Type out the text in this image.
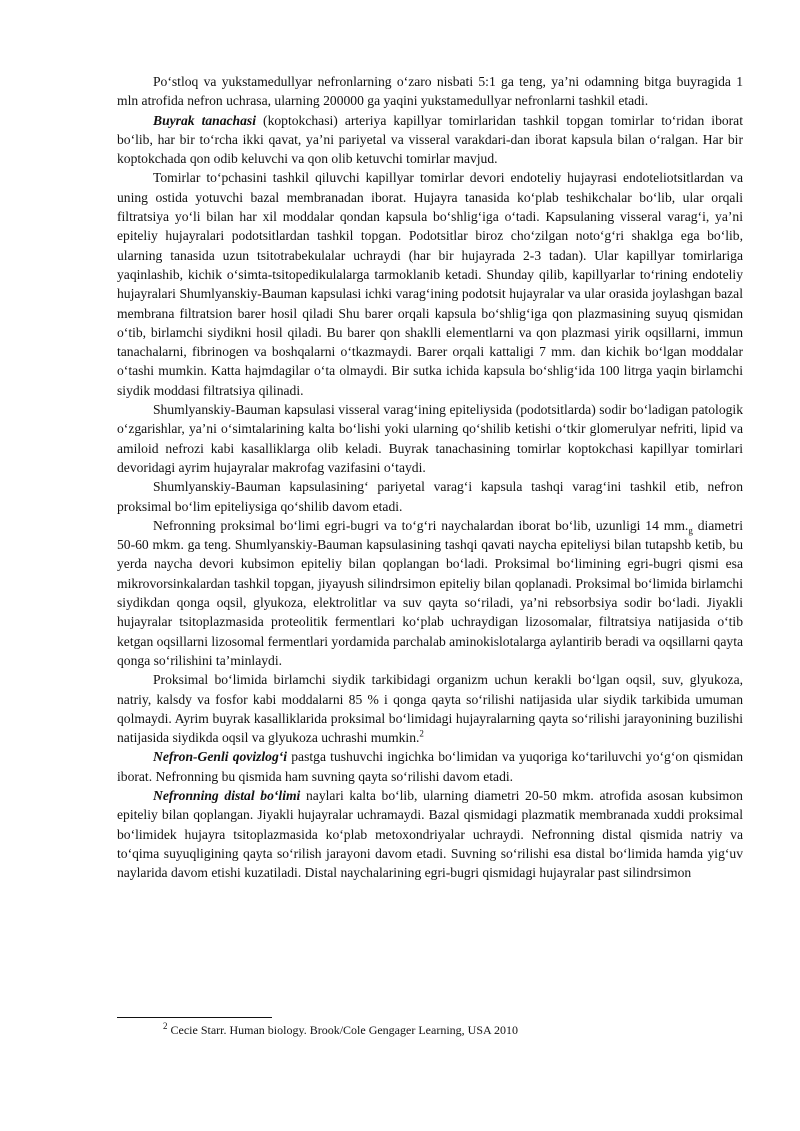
Po‘stloq va yukstamedullyar nefronlarning o‘zaro nisbati 5:1 ga teng, ya’ni odamning bitga buyragida 1 mln atrofida nefron uchrasa, ularning 200000 ga yaqini yukstamedullyar nefronlarni tashkil etadi.

Buyrak tanachasi (koptokchasi) arteriya kapillyar tomirlaridan tashkil topgan tomirlar to‘ridan iborat bo‘lib, har bir to‘rcha ikki qavat, ya’ni pariyetal va visseral varakdari-dan iborat kapsula bilan o‘ralgan. Har bir koptokchada qon odib keluvchi va qon olib ketuvchi tomirlar mavjud.

Tomirlar to‘pchasini tashkil qiluvchi kapillyar tomirlar devori endoteliy hujayrasi endoteliotsitlardan va uning ostida yotuvchi bazal membranadan iborat. Hujayra tanasida ko‘plab teshikchalar bo‘lib, ular orqali filtratsiya yo‘li bilan har xil moddalar qondan kapsula bo‘shlig‘iga o‘tadi. Kapsulaning visseral varag‘i, ya’ni epiteliy hujayralari podotsitlardan tashkil topgan. Podotsitlar biroz cho‘zilgan noto‘g‘ri shaklga ega bo‘lib, ularning tanasida uzun tsitotrabekulalar uchraydi (har bir hujayrada 2-3 tadan). Ular kapillyar tomirlariga yaqinlashib, kichik o‘simta-tsitopedikulalarga tarmoklanib ketadi. Shunday qilib, kapillyarlar to‘rining endoteliy hujayralari Shumlyanskiy-Bauman kapsulasi ichki varag‘ining podotsit hujayralar va ular orasida joylashgan bazal membrana filtratsion barer hosil qiladi Shu barer orqali kapsula bo‘shlig‘iga qon plazmasining suyuq qismidan o‘tib, birlamchi siydikni hosil qiladi. Bu barer qon shaklli elementlarni va qon plazmasi yirik oqsillarni, immun tanachalarni, fibrinogen va boshqalarni o‘tkazmaydi. Barer orqali kattaligi 7 mm. dan kichik bo‘lgan moddalar o‘tashi mumkin. Katta hajmdagilar o‘ta olmaydi. Bir sutka ichida kapsula bo‘shlig‘ida 100 litrga yaqin birlamchi siydik moddasi filtratsiya qilinadi.

Shumlyanskiy-Bauman kapsulasi visseral varag‘ining epiteliysida (podotsitlarda) sodir bo‘ladigan patologik o‘zgarishlar, ya’ni o‘simtalarining kalta bo‘lishi yoki ularning qo‘shilib ketishi o‘tkir glomerulyar nefriti, lipid va amiloid nefrozi kabi kasalliklarga olib keladi. Buyrak tanachasining tomirlar koptokchasi kapillyar tomirlari devoridagi ayrim hujayralar makrofag vazifasini o‘taydi.

Shumlyanskiy-Bauman kapsulasining‘ pariyetal varag‘i kapsula tashqi varag‘ini tashkil etib, nefron proksimal bo‘lim epiteliysiga qo‘shilib davom etadi.

Nefronning proksimal bo‘limi egri-bugri va to‘g‘ri naychalardan iborat bo‘lib, uzunligi 14 $mm._g$ diametri 50-60 mkm. ga teng. Shumlyanskiy-Bauman kapsulasining tashqi qavati naycha epiteliysi bilan tutapshb ketib, bu yerda naycha devori kubsimon epiteliy bilan qoplangan bo‘ladi. Proksimal bo‘limining egri-bugri qismi esa mikrovorsinkalardan tashkil topgan, jiyayush silindrsimon epiteliy bilan qoplanadi. Proksimal bo‘limida birlamchi siydikdan qonga oqsil, glyukoza, elektrolitlar va suv qayta so‘riladi, ya’ni rebsorbsiya sodir bo‘ladi. Jiyakli hujayralar tsitoplazmasida proteolitik fermentlari ko‘plab uchraydigan lizosomalar, filtratsiya natijasida o‘tib ketgan oqsillarni lizosomal fermentlari yordamida parchalab aminokislotalarga aylantirib beradi va oqsillarni qayta qonga so‘rilishini ta’minlaydi.

Proksimal bo‘limida birlamchi siydik tarkibidagi organizm uchun kerakli bo‘lgan oqsil, suv, glyukoza, natriy, kalsdy va fosfor kabi moddalarni 85 % i qonga qayta so‘rilishi natijasida ular siydik tarkibida umuman qolmaydi. Ayrim buyrak kasalliklarida proksimal bo‘limidagi hujayralarning qayta so‘rilishi jarayonining buzilishi natijasida siydikda oqsil va glyukoza uchrashi mumkin.$^2$

Nefron-Genli qovizlog‘i pastga tushuvchi ingichka bo‘limidan va yuqoriga ko‘tariluvchi yo‘g‘on qismidan iborat. Nefronning bu qismida ham suvning qayta so‘rilishi davom etadi.

Nefronning distal bo‘limi naylari kalta bo‘lib, ularning diametri 20-50 mkm. atrofida asosan kubsimon epiteliy bilan qoplangan. Jiyakli hujayralar uchramaydi. Bazal qismidagi plazmatik membranada xuddi proksimal bo‘limidek hujayra tsitoplazmasida ko‘plab metoxondriyalar uchraydi. Nefronning distal qismida natriy va to‘qima suyuqligining qayta so‘rilish jarayoni davom etadi. Suvning so‘rilishi esa distal bo‘limida hamda yig‘uv naylarida davom etishi kuzatiladi. Distal naychalarining egri-bugri qismidagi hujayralar past silindrsimon

$^2$ Cecie Starr. Human biology. Brook/Cole Gengager Learning, USA 2010
